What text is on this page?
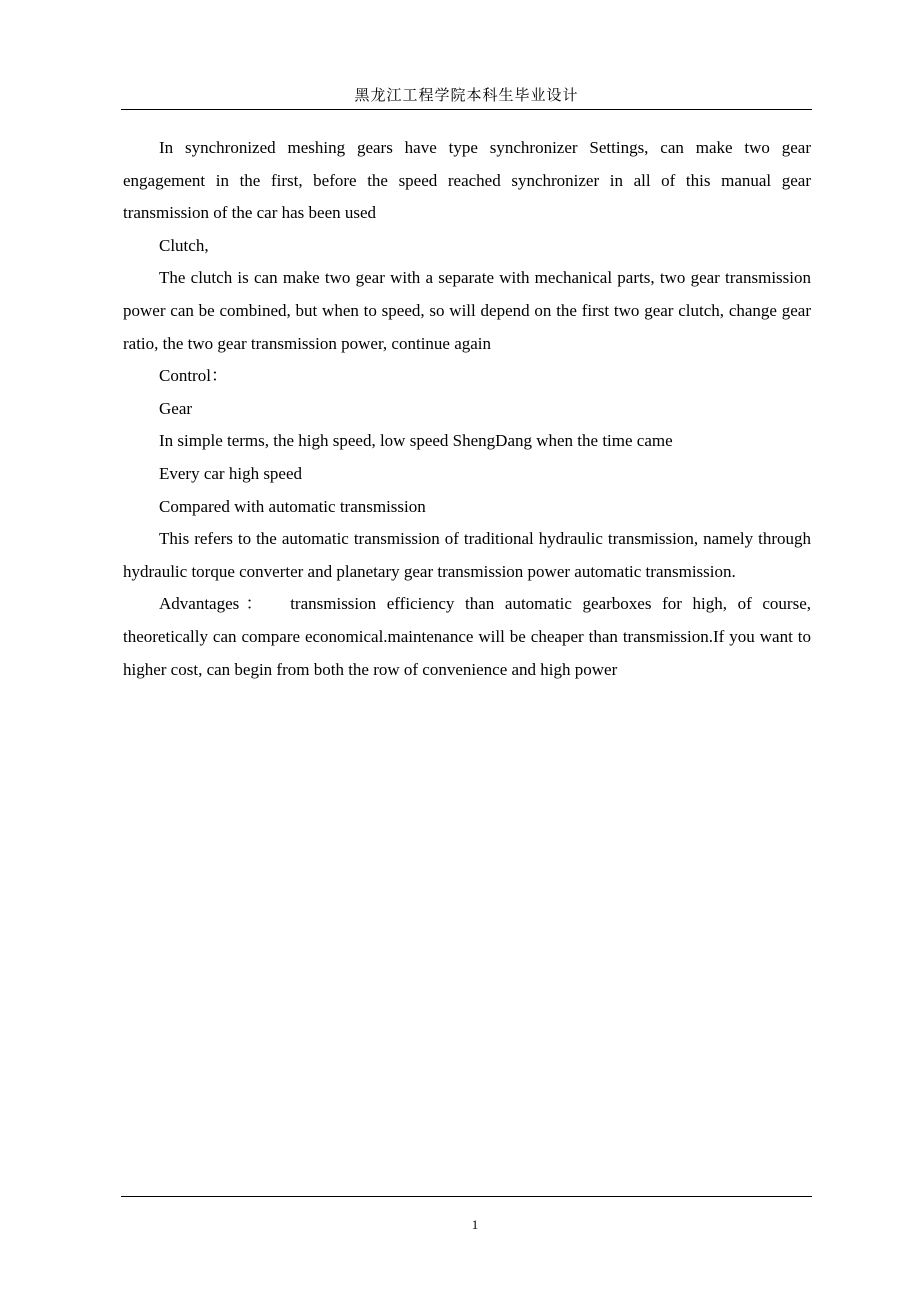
黑龙江工程学院本科生毕业设计

In synchronized meshing gears have type synchronizer Settings, can make two gear engagement in the first, before the speed reached synchronizer in all of this manual gear transmission of the car has been used

Clutch,

The clutch is can make two gear with a separate with mechanical parts, two gear transmission power can be combined, but when to speed, so will depend on the first two gear clutch, change gear ratio, the two gear transmission power, continue again

Control：

Gear

In simple terms, the high speed, low speed ShengDang when the time came

Every car high speed

Compared with automatic transmission

This refers to the automatic transmission of traditional hydraulic transmission, namely through hydraulic torque converter and planetary gear transmission power automatic transmission.

Advantages：  transmission efficiency than automatic gearboxes for high, of course, theoretically can compare economical.maintenance will be cheaper than transmission.If you want to   higher cost, can begin from both the row of convenience and high power

1
